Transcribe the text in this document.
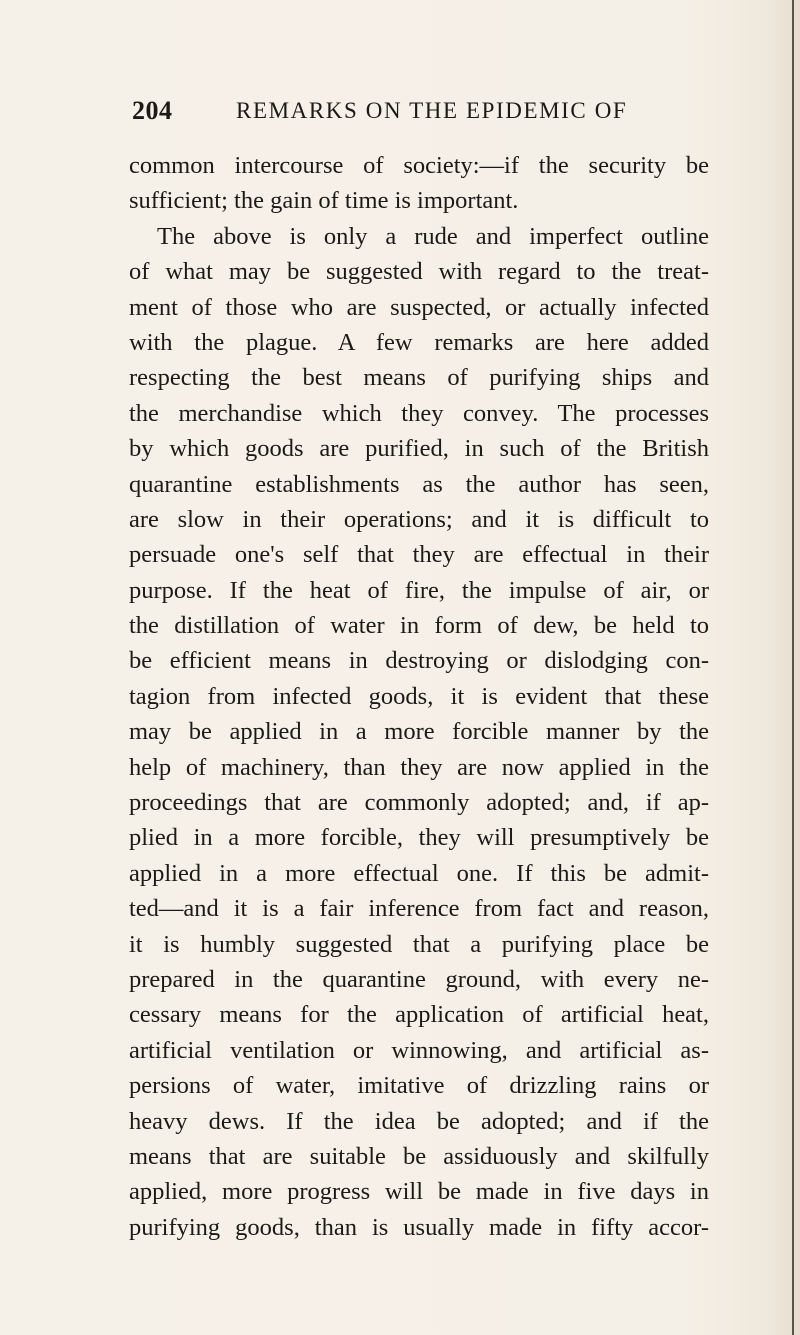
204	REMARKS ON THE EPIDEMIC OF
common intercourse of society:—if the security be
sufficient; the gain of time is important.
The above is only a rude and imperfect outline
of what may be suggested with regard to the treat-
ment of those who are suspected, or actually infected
with the plague. A few remarks are here added
respecting the best means of purifying ships and
the merchandise which they convey. The processes
by which goods are purified, in such of the British
quarantine establishments as the author has seen,
are slow in their operations; and it is difficult to
persuade one's self that they are effectual in their
purpose. If the heat of fire, the impulse of air, or
the distillation of water in form of dew, be held to
be efficient means in destroying or dislodging con-
tagion from infected goods, it is evident that these
may be applied in a more forcible manner by the
help of machinery, than they are now applied in the
proceedings that are commonly adopted; and, if ap-
plied in a more forcible, they will presumptively be
applied in a more effectual one. If this be admit-
ted—and it is a fair inference from fact and reason,
it is humbly suggested that a purifying place be
prepared in the quarantine ground, with every ne-
cessary means for the application of artificial heat,
artificial ventilation or winnowing, and artificial as-
persions of water, imitative of drizzling rains or
heavy dews. If the idea be adopted; and if the
means that are suitable be assiduously and skilfully
applied, more progress will be made in five days in
purifying goods, than is usually made in fifty accor-
